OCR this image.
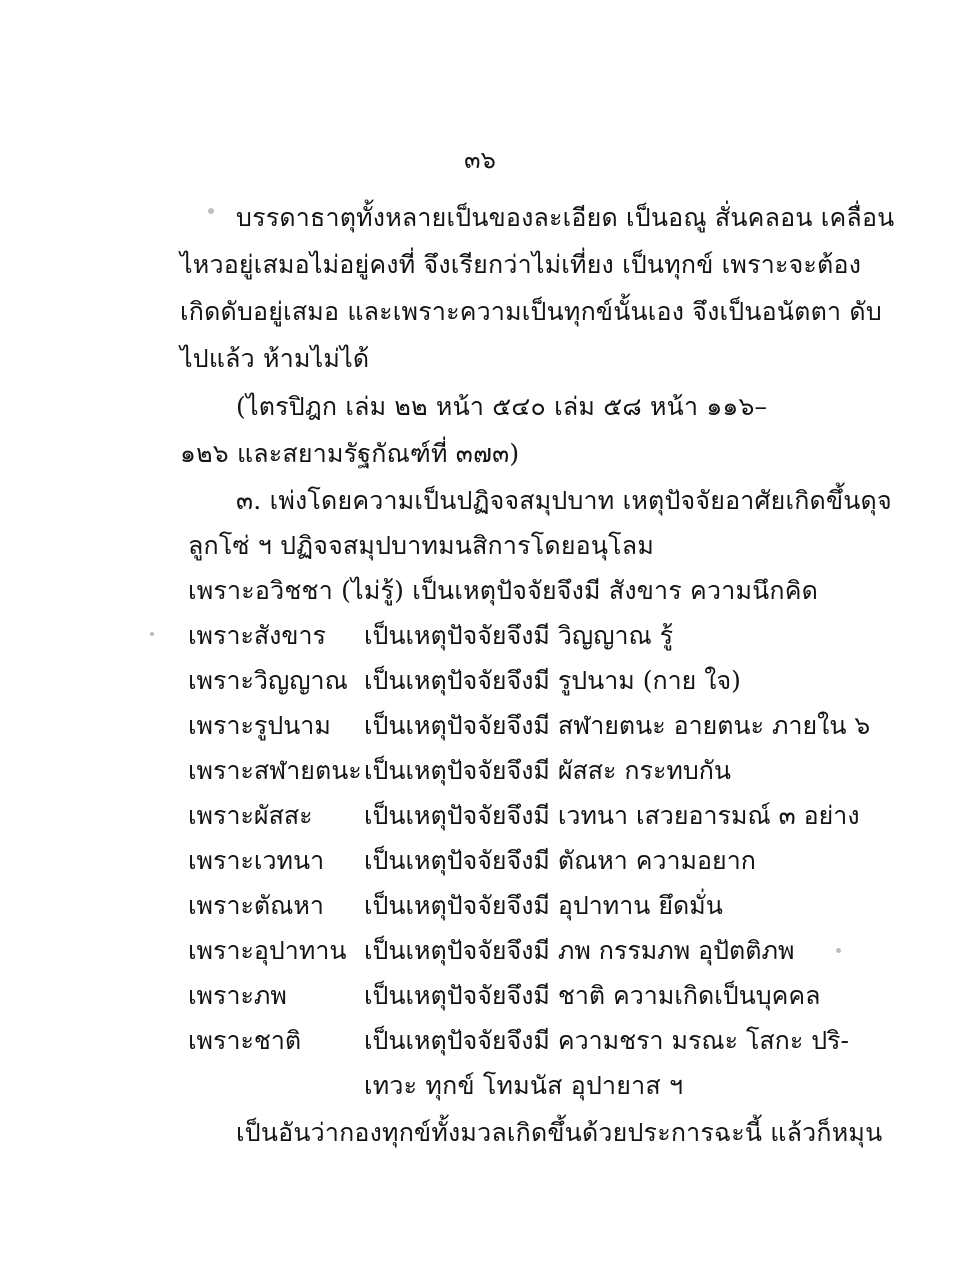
๓๖
บรรดาธาตุทั้งหลายเป็นของละเอียด เป็นอณู สั่นคลอน เคลื่อน
ไหวอยู่เสมอไม่อยู่คงที่ จึงเรียกว่าไม่เที่ยง เป็นทุกข์ เพราะจะต้อง
เกิดดับอยู่เสมอ และเพราะความเป็นทุกข์นั้นเอง จึงเป็นอนัตตา ดับ
ไปแล้ว ห้ามไม่ได้
(ไตรปิฎก เล่ม ๒๒ หน้า ๕๔๐ เล่ม ๕๘ หน้า ๑๑๖–
๑๒๖ และสยามรัฐกัณฑ์ที่ ๓๗๓)
๓. เพ่งโดยความเป็นปฏิจจสมุปบาท เหตุปัจจัยอาศัยเกิดขึ้นดุจ
ลูกโซ่ ฯ ปฏิจจสมุปบาทมนสิการโดยอนุโลม
เพราะอวิชชา (ไม่รู้) เป็นเหตุปัจจัยจึงมี สังขาร ความนึกคิด
เพราะสังขาร เป็นเหตุปัจจัยจึงมี วิญญาณ รู้
เพราะวิญญาณ เป็นเหตุปัจจัยจึงมี รูปนาม (กาย ใจ)
เพราะรูปนาม เป็นเหตุปัจจัยจึงมี สฬายตนะ อายตนะ ภายใน ๖
เพราะสฬายตนะเป็นเหตุปัจจัยจึงมี ผัสสะ กระทบกัน
เพราะผัสสะ เป็นเหตุปัจจัยจึงมี เวทนา เสวยอารมณ์ ๓ อย่าง
เพราะเวทนา เป็นเหตุปัจจัยจึงมี ตัณหา ความอยาก
เพราะตัณหา เป็นเหตุปัจจัยจึงมี อุปาทาน ยึดมั่น
เพราะอุปาทาน เป็นเหตุปัจจัยจึงมี ภพ กรรมภพ อุปัตติภพ
เพราะภพ	เป็นเหตุปัจจัยจึงมี ชาติ ความเกิดเป็นบุคคล
เพราะชาติ	เป็นเหตุปัจจัยจึงมี ความชรา มรณะ โสกะ ปริ-
เทวะ ทุกข์ โทมนัส อุปายาส ฯ
เป็นอันว่ากองทุกข์ทั้งมวลเกิดขึ้นด้วยประการฉะนี้ แล้วก็หมุน
